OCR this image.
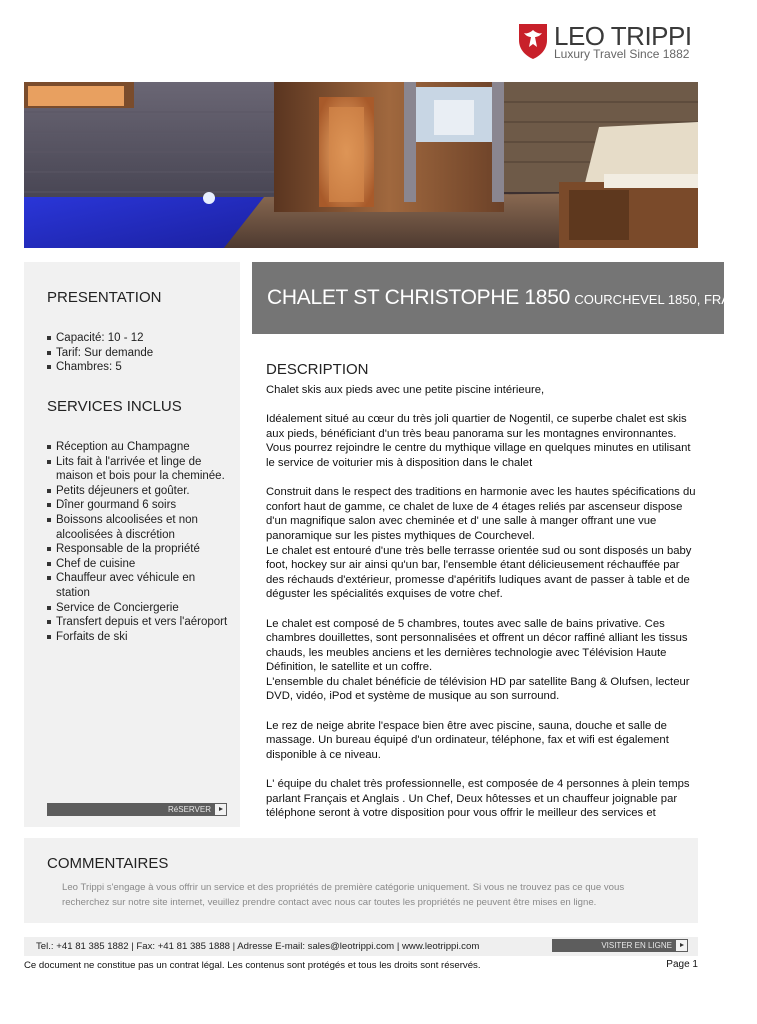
LEO TRIPPI
Luxury Travel Since 1882
PRESENTATION
Capacité: 10 - 12
Tarif: Sur demande
Chambres: 5
SERVICES INCLUS
Réception au Champagne
Lits fait à l'arrivée et linge de maison et bois pour la cheminée.
Petits déjeuners et goûter.
Dîner gourmand 6 soirs
Boissons alcoolisées et non alcoolisées à discrétion
Responsable de la propriété
Chef de cuisine
Chauffeur avec véhicule en station
Service de Conciergerie
Transfert depuis et vers l'aéroport
Forfaits de ski
RéSERVER
CHALET ST CHRISTOPHE 1850 COURCHEVEL 1850, FRANCE
DESCRIPTION

Chalet skis aux pieds avec une petite piscine intérieure,

Idéalement situé au cœur du très joli quartier de Nogentil, ce superbe chalet est skis aux pieds, bénéficiant d'un très beau panorama sur les montagnes environnantes. Vous pourrez rejoindre le centre du mythique village en quelques minutes en utilisant le service de voiturier mis à disposition dans le chalet

Construit dans le respect des traditions en harmonie avec les hautes spécifications du confort haut de gamme, ce chalet de luxe de 4 étages reliés par ascenseur dispose d'un magnifique salon avec cheminée et d' une salle à manger offrant une vue panoramique sur les pistes mythiques de Courchevel.
Le chalet est entouré d'une très belle terrasse orientée sud ou sont disposés un baby foot, hockey sur air ainsi qu'un bar, l'ensemble étant délicieusement réchauffée par des réchauds d'extérieur, promesse d'apéritifs ludiques avant de passer à table et de déguster les spécialités exquises de votre chef.

Le chalet est composé de 5 chambres, toutes avec salle de bains privative. Ces chambres douillettes, sont personnalisées et offrent un décor raffiné alliant les tissus chauds, les meubles anciens et les dernières technologie avec Télévision Haute Définition, le satellite et un coffre.
L'ensemble du chalet bénéficie de télévision HD par satellite Bang & Olufsen, lecteur DVD, vidéo, iPod et système de musique au son surround.

Le rez de neige abrite l'espace bien être avec piscine, sauna, douche et salle de massage. Un bureau équipé d'un ordinateur, téléphone, fax et wifi est également disponible à ce niveau.

L' équipe du chalet très professionnelle, est composée de 4 personnes à plein temps parlant Français et Anglais . Un Chef, Deux hôtesses et un chauffeur joignable par téléphone seront à votre disposition pour vous offrir le meilleur des services et

COMMENTAIRES
Leo Trippi s'engage à vous offrir un service et des propriétés de première catégorie uniquement. Si vous ne trouvez pas ce que vous recherchez sur notre site internet, veuillez prendre contact avec nous car toutes les propriétés ne peuvent être mises en ligne.
Tel.: +41 81 385 1882 | Fax: +41 81 385 1888 | Adresse E-mail: sales@leotrippi.com | www.leotrippi.com	VISITER EN LIGNE
Ce document ne constitue pas un contrat légal. Les contenus sont protégés et tous les droits sont réservés.	Page 1
